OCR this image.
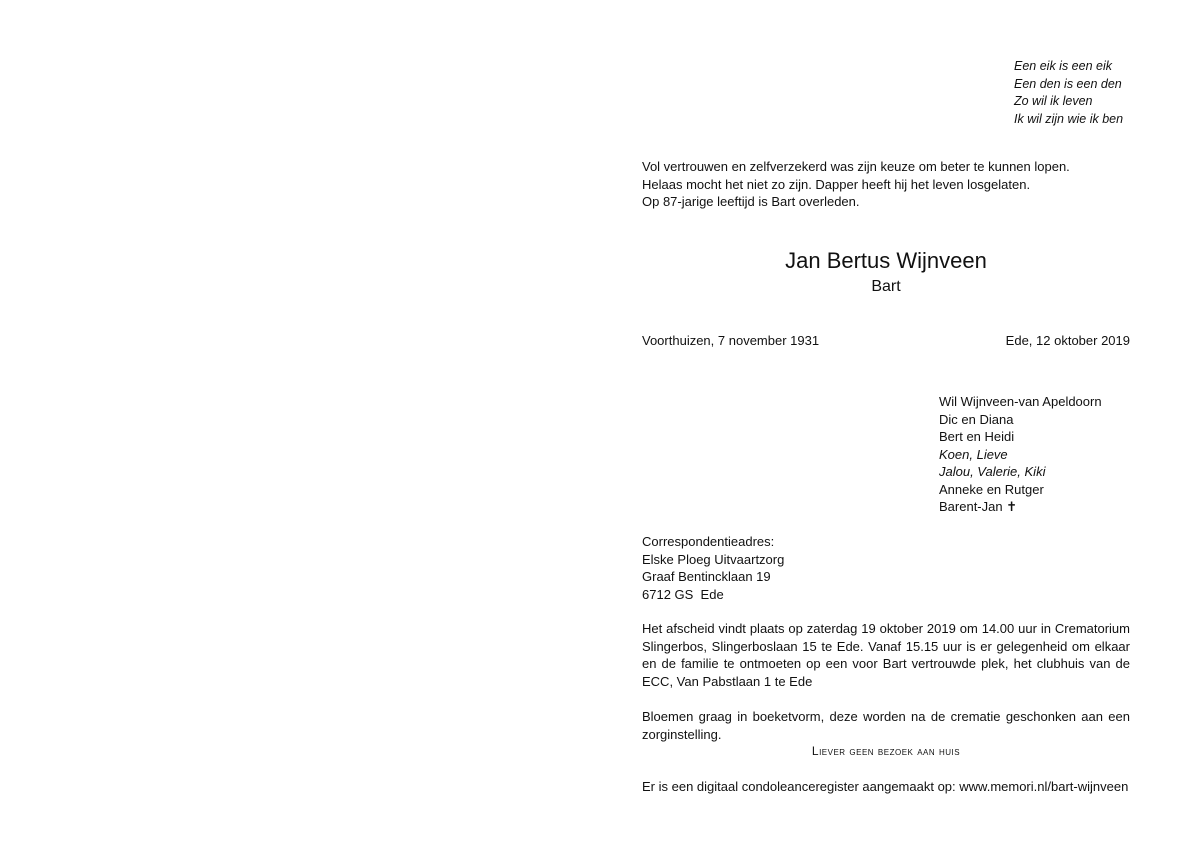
Een eik is een eik
Een den is een den
Zo wil ik leven
Ik wil zijn wie ik ben
Vol vertrouwen en zelfverzekerd was zijn keuze om beter te kunnen lopen.
Helaas mocht het niet zo zijn. Dapper heeft hij het leven losgelaten.
Op 87-jarige leeftijd is Bart overleden.
Jan Bertus Wijnveen
Bart
Voorthuizen, 7 november 1931	Ede, 12 oktober 2019
Wil Wijnveen-van Apeldoorn
Dic en Diana
Bert en Heidi
Koen, Lieve
Jalou, Valerie, Kiki
Anneke en Rutger
Barent-Jan ✝
Correspondentieadres:
Elske Ploeg Uitvaartzorg
Graaf Bentincklaan 19
6712 GS  Ede
Het afscheid vindt plaats op zaterdag 19 oktober 2019 om 14.00 uur in Crematorium Slingerbos, Slingerboslaan 15 te Ede. Vanaf 15.15 uur is er gelegenheid om elkaar en de familie te ontmoeten op een voor Bart vertrouwde plek, het clubhuis van de ECC, Van Pabstlaan 1 te Ede
Bloemen graag in boeketvorm, deze worden na de crematie geschonken aan een zorginstelling.
Liever geen bezoek aan huis
Er is een digitaal condoleanceregister aangemaakt op: www.memori.nl/bart-wijnveen
